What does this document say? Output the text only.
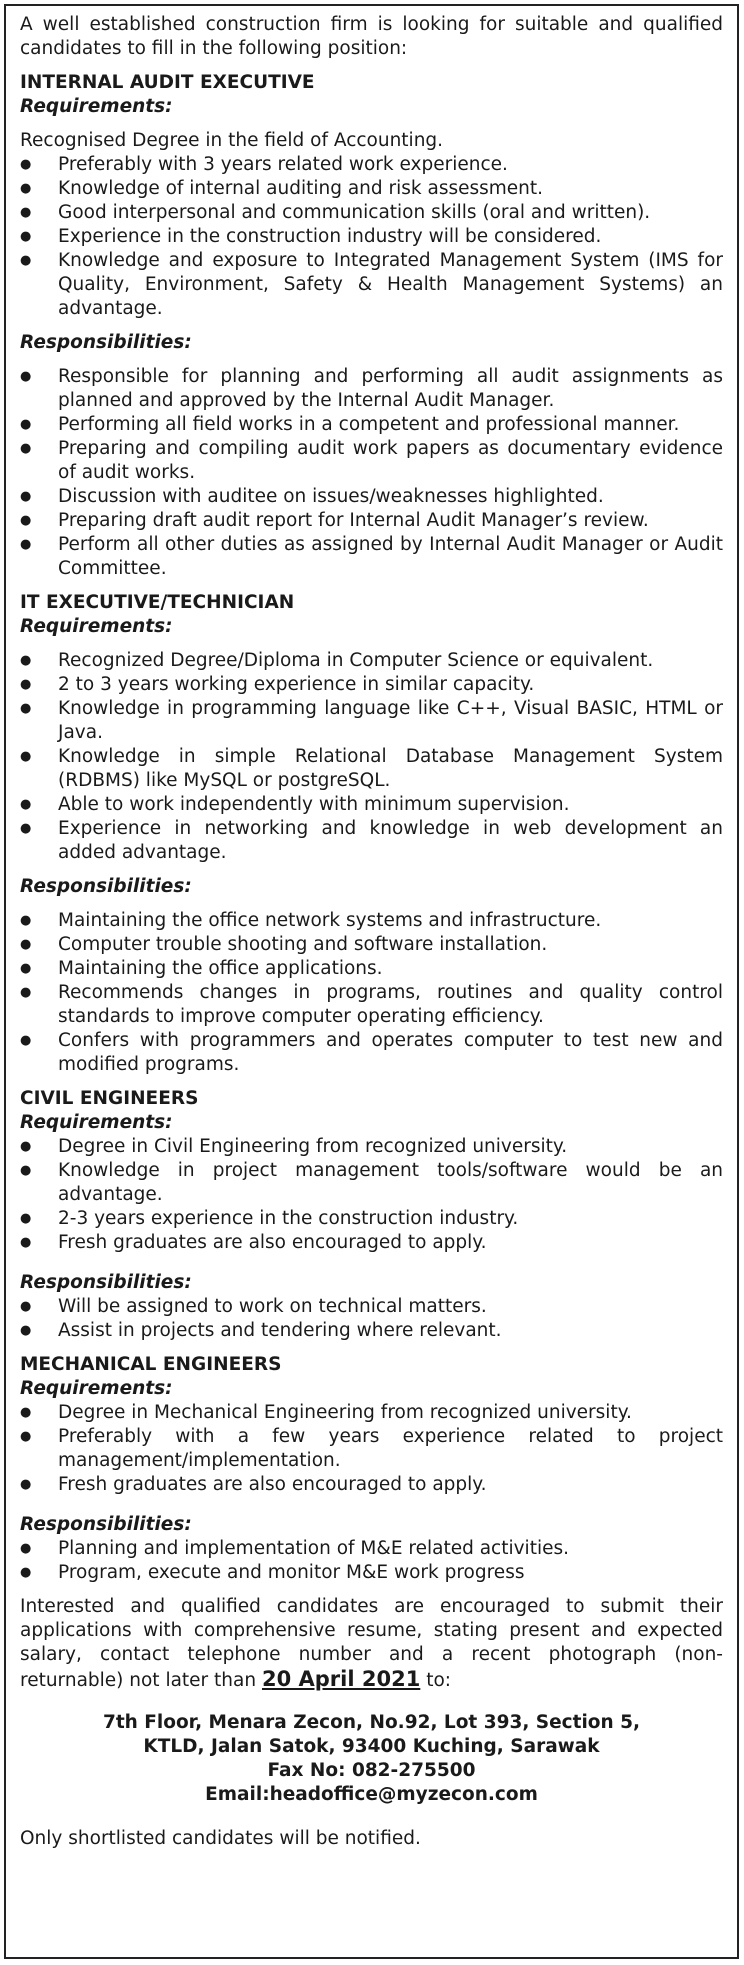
A well established construction firm is looking for suitable and qualified candidates to fill in the following position:

INTERNAL AUDIT EXECUTIVE
Requirements:

Recognised Degree in the field of Accounting.

● Preferably with 3 years related work experience.
● Knowledge of internal auditing and risk assessment.
● Good interpersonal and communication skills (oral and written).
● Experience in the construction industry will be considered.
● Knowledge and exposure to Integrated Management System (IMS for Quality, Environment, Safety & Health Management Systems) an advantage.
Responsibilities:
● Responsible for planning and performing all audit assignments as planned and approved by the Internal Audit Manager.
● Performing all field works in a competent and professional manner.
● Preparing and compiling audit work papers as documentary evidence of audit works.
● Discussion with auditee on issues/weaknesses highlighted.
● Preparing draft audit report for Internal Audit Manager’s review.
● Perform all other duties as assigned by Internal Audit Manager or Audit Committee.
IT EXECUTIVE/TECHNICIAN
Requirements:
● Recognized Degree/Diploma in Computer Science or equivalent.
● 2 to 3 years working experience in similar capacity.
● Knowledge in programming language like C++, Visual BASIC, HTML or Java.
● Knowledge in simple Relational Database Management System (RDBMS) like MySQL or postgreSQL.
● Able to work independently with minimum supervision.
● Experience in networking and knowledge in web development an added advantage.
Responsibilities:
● Maintaining the office network systems and infrastructure.
● Computer trouble shooting and software installation.
● Maintaining the office applications.
● Recommends changes in programs, routines and quality control standards to improve computer operating efficiency.
● Confers with programmers and operates computer to test new and modified programs.
CIVIL ENGINEERS
Requirements:
● Degree in Civil Engineering from recognized university.
● Knowledge in project management tools/software would be an advantage.
● 2-3 years experience in the construction industry.
● Fresh graduates are also encouraged to apply.
Responsibilities:
● Will be assigned to work on technical matters.
● Assist in projects and tendering where relevant.
MECHANICAL ENGINEERS
Requirements:
● Degree in Mechanical Engineering from recognized university.
● Preferably with a few years experience related to project management/implementation.
● Fresh graduates are also encouraged to apply.
Responsibilities:
● Planning and implementation of M&E related activities.
● Program, execute and monitor M&E work progress

Interested and qualified candidates are encouraged to submit their applications with comprehensive resume, stating present and expected salary, contact telephone number and a recent photograph (non-returnable) not later than 20 April 2021 to:

7th Floor, Menara Zecon, No.92, Lot 393, Section 5,
KTLD, Jalan Satok, 93400 Kuching, Sarawak
Fax No: 082-275500
Email:headoffice@myzecon.com

Only shortlisted candidates will be notified.
